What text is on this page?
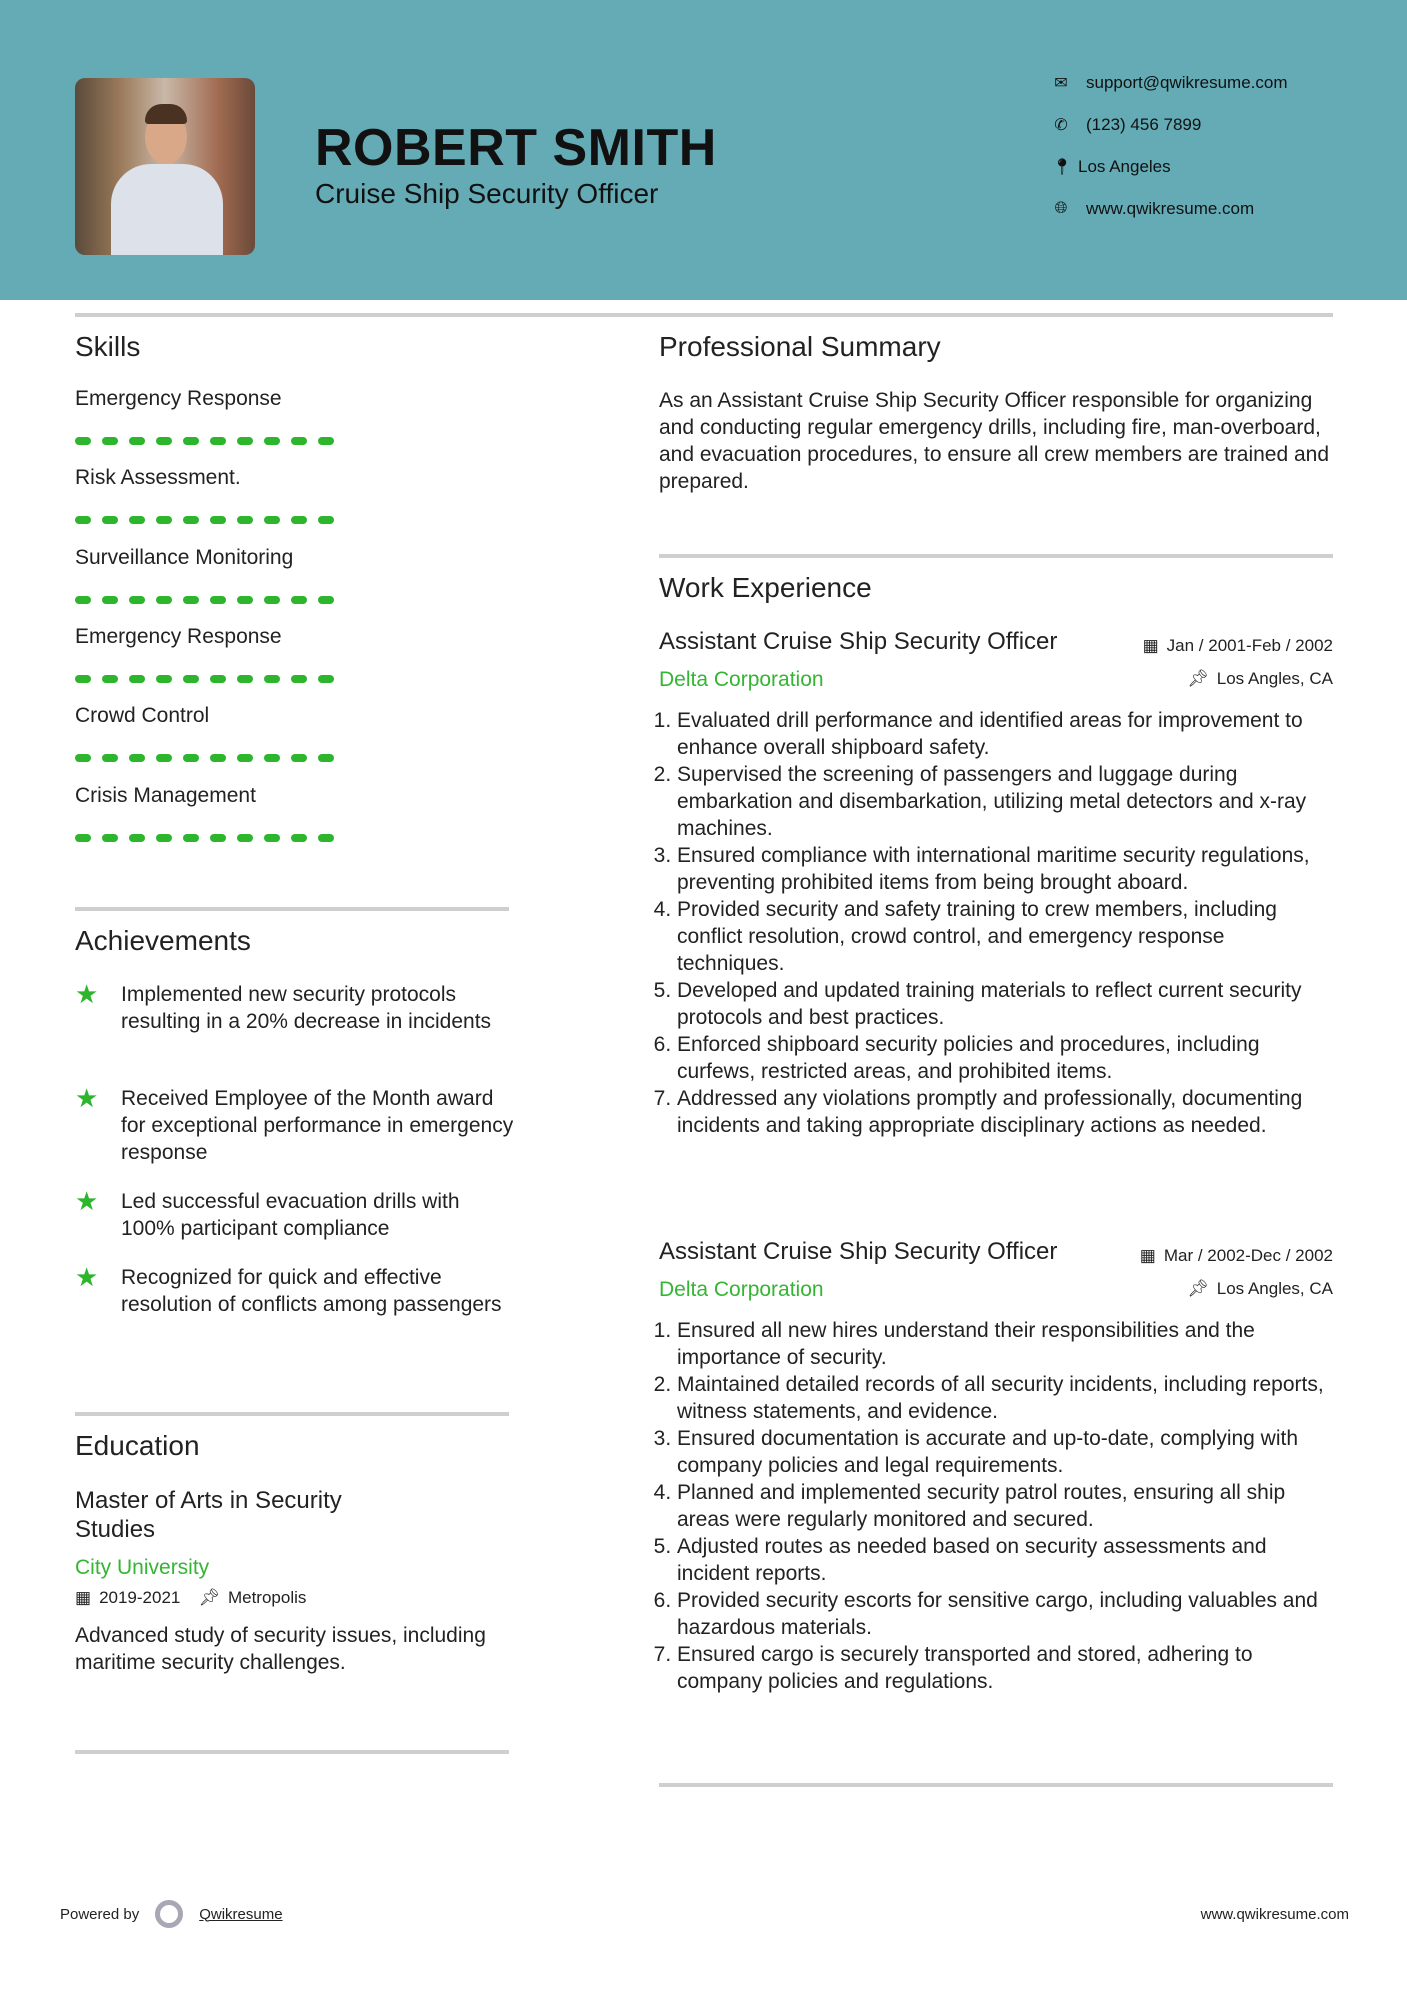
ROBERT SMITH
Cruise Ship Security Officer
✉ support@qwikresume.com
✆ (123) 456 7899
📍︎ Los Angeles
🌐︎ www.qwikresume.com
Skills
Emergency Response
Risk Assessment.
Surveillance Monitoring
Emergency Response
Crowd Control
Crisis Management
Achievements
★	Implemented new security protocols resulting in a 20% decrease in incidents
★	Received Employee of the Month award for exceptional performance in emergency response
★	Led successful evacuation drills with 100% participant compliance
★	Recognized for quick and effective resolution of conflicts among passengers
Education
Master of Arts in Security Studies
City University
▦ 2019-2021 📌︎ Metropolis
Advanced study of security issues, including maritime security challenges.
Professional Summary
As an Assistant Cruise Ship Security Officer responsible for organizing and conducting regular emergency drills, including fire, man-overboard, and evacuation procedures, to ensure all crew members are trained and prepared.
Work Experience
Assistant Cruise Ship Security Officer	▦ Jan / 2001-Feb / 2002
Delta Corporation	📌︎ Los Angles, CA
1. Evaluated drill performance and identified areas for improvement to enhance overall shipboard safety.
2. Supervised the screening of passengers and luggage during embarkation and disembarkation, utilizing metal detectors and x-ray machines.
3. Ensured compliance with international maritime security regulations, preventing prohibited items from being brought aboard.
4. Provided security and safety training to crew members, including conflict resolution, crowd control, and emergency response techniques.
5. Developed and updated training materials to reflect current security protocols and best practices.
6. Enforced shipboard security policies and procedures, including curfews, restricted areas, and prohibited items.
7. Addressed any violations promptly and professionally, documenting incidents and taking appropriate disciplinary actions as needed.
Assistant Cruise Ship Security Officer	▦ Mar / 2002-Dec / 2002
Delta Corporation	📌︎ Los Angles, CA
1. Ensured all new hires understand their responsibilities and the importance of security.
2. Maintained detailed records of all security incidents, including reports, witness statements, and evidence.
3. Ensured documentation is accurate and up-to-date, complying with company policies and legal requirements.
4. Planned and implemented security patrol routes, ensuring all ship areas were regularly monitored and secured.
5. Adjusted routes as needed based on security assessments and incident reports.
6. Provided security escorts for sensitive cargo, including valuables and hazardous materials.
7. Ensured cargo is securely transported and stored, adhering to company policies and regulations.
Powered by	Qwikresume	www.qwikresume.com
